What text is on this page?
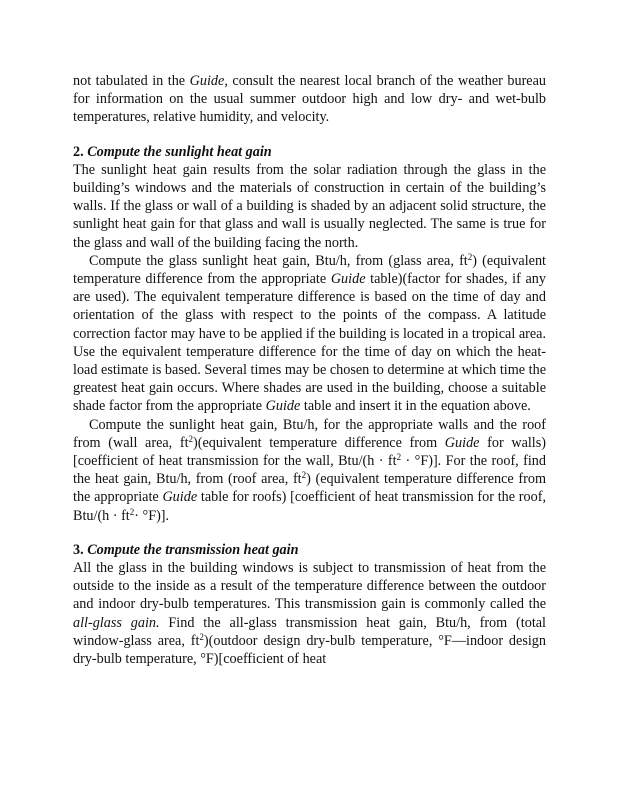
not tabulated in the Guide, consult the nearest local branch of the weather bureau for information on the usual summer outdoor high and low dry- and wet-bulb temperatures, relative humidity, and velocity.

2. Compute the sunlight heat gain

The sunlight heat gain results from the solar radiation through the glass in the building’s windows and the materials of construction in certain of the building’s walls. If the glass or wall of a building is shaded by an adjacent solid structure, the sunlight heat gain for that glass and wall is usually neglected. The same is true for the glass and wall of the building facing the north.

Compute the glass sunlight heat gain, Btu/h, from (glass area, $ft^2$) (equivalent temperature difference from the appropriate Guide table)(factor for shades, if any are used). The equivalent temperature difference is based on the time of day and orientation of the glass with respect to the points of the compass. A latitude correction factor may have to be applied if the building is located in a tropical area. Use the equivalent temperature difference for the time of day on which the heat-load estimate is based. Several times may be chosen to determine at which time the greatest heat gain occurs. Where shades are used in the building, choose a suitable shade factor from the appropriate Guide table and insert it in the equation above.

Compute the sunlight heat gain, Btu/h, for the appropriate walls and the roof from (wall area, $ft^2)(equivalent$ temperature difference from Guide for walls) [coefficient of heat transmission for the wall, $Btu/(h \cdot ft^2 \cdot ^\circ F)$]. For the roof, find the heat gain, Btu/h, from (roof area, $ft^2$) (equivalent temperature difference from the appropriate Guide table for roofs) [coefficient of heat transmission for the roof, $Btu/(h \cdot ft^2\cdot ^\circ F)$].

3. Compute the transmission heat gain

All the glass in the building windows is subject to transmission of heat from the outside to the inside as a result of the temperature difference between the outdoor and indoor dry-bulb temperatures. This transmission gain is commonly called the all-glass gain. Find the all-glass transmission heat gain, Btu/h, from (total window-glass area, $ft^2)(outdoor$ design dry-bulb temperature, °F—indoor design dry-bulb temperature, °F)[coefficient of heat
